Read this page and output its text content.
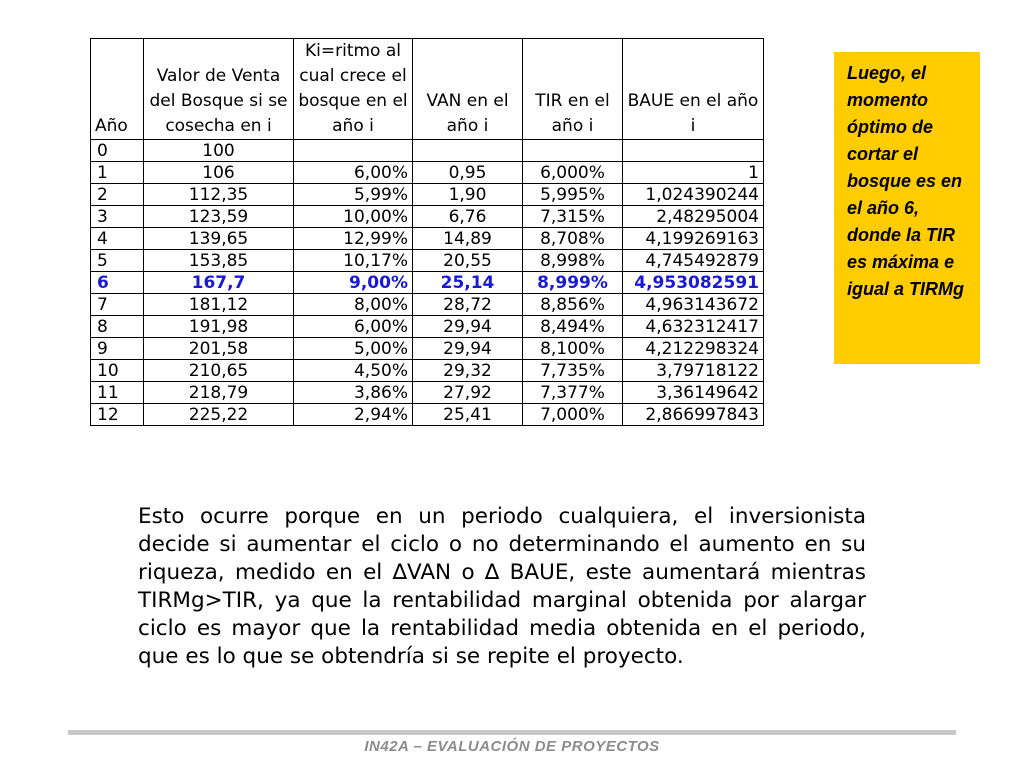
Año	Valor de Venta del Bosque si se cosecha en i	Ki=ritmo al cual crece el bosque en el año i	VAN en el año i	TIR en el año i	BAUE en el año i
0	100				
1	106	6,00%	0,95	6,000%	1
2	112,35	5,99%	1,90	5,995%	1,024390244
3	123,59	10,00%	6,76	7,315%	2,48295004
4	139,65	12,99%	14,89	8,708%	4,199269163
5	153,85	10,17%	20,55	8,998%	4,745492879
6	167,7	9,00%	25,14	8,999%	4,953082591
7	181,12	8,00%	28,72	8,856%	4,963143672
8	191,98	6,00%	29,94	8,494%	4,632312417
9	201,58	5,00%	29,94	8,100%	4,212298324
10	210,65	4,50%	29,32	7,735%	3,79718122
11	218,79	3,86%	27,92	7,377%	3,36149642
12	225,22	2,94%	25,41	7,000%	2,866997843
Luego, el momento óptimo de cortar el bosque es en el año 6, donde la TIR es máxima e igual a TIRMg

Esto ocurre porque en un periodo cualquiera, el inversionista decide si aumentar el ciclo o no determinando el aumento en su riqueza, medido en el ∆VAN o ∆ BAUE, este aumentará mientras TIRMg>TIR, ya que la rentabilidad marginal obtenida por alargar ciclo es mayor que la rentabilidad media obtenida en el periodo, que es lo que se obtendría si se repite el proyecto.

IN42A – EVALUACIÓN DE PROYECTOS
